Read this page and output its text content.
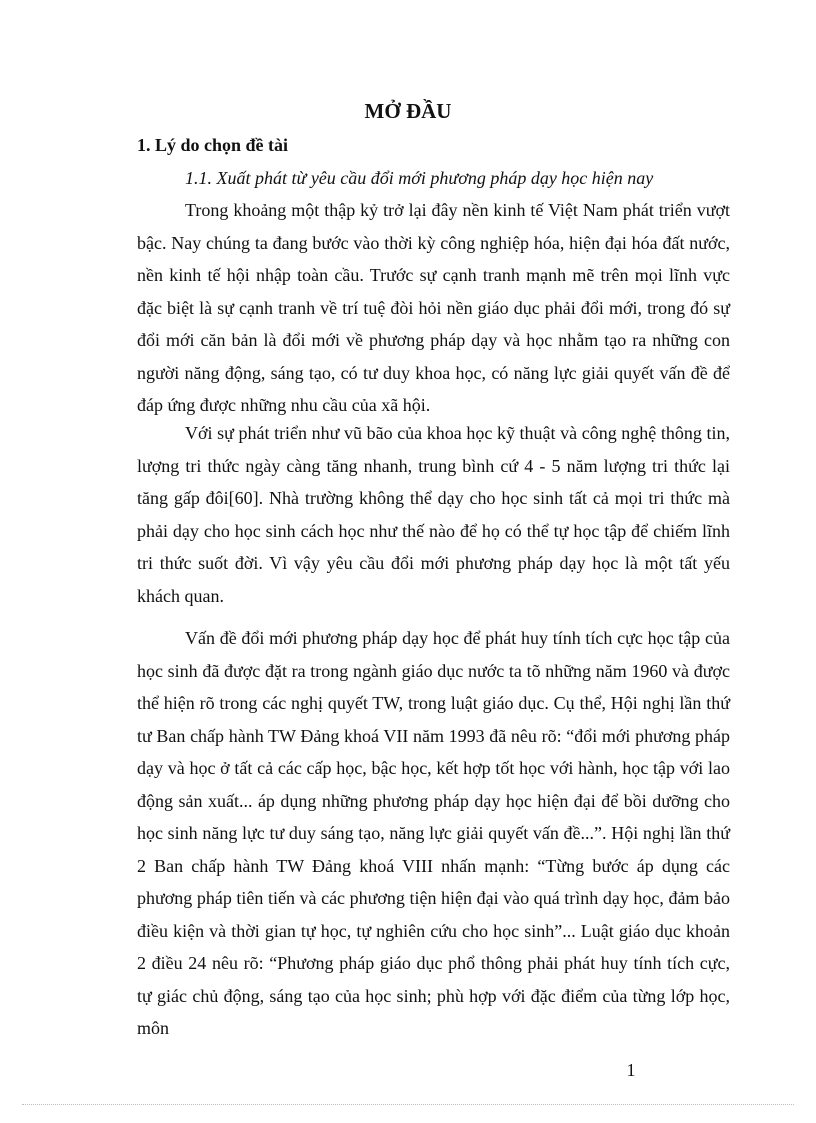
MỞ ĐẦU
1. Lý do chọn đề tài
1.1. Xuất phát từ yêu cầu đổi mới phương pháp dạy học hiện nay

Trong khoảng một thập kỷ trở lại đây nền kinh tế Việt Nam phát triển vượt bậc. Nay chúng ta đang bước vào thời kỳ công nghiệp hóa, hiện đại hóa đất nước, nền kinh tế hội nhập toàn cầu. Trước sự cạnh tranh mạnh mẽ trên mọi lĩnh vực đặc biệt là sự cạnh tranh về trí tuệ đòi hỏi nền giáo dục phải đổi mới, trong đó sự đổi mới căn bản là đổi mới về phương pháp dạy và học nhằm tạo ra những con người năng động, sáng tạo, có tư duy khoa học, có năng lực giải quyết vấn đề để đáp ứng được những nhu cầu của xã hội.

Với sự phát triển như vũ bão của khoa học kỹ thuật và công nghệ thông tin, lượng tri thức ngày càng tăng nhanh, trung bình cứ 4 - 5 năm lượng tri thức lại tăng gấp đôi[60]. Nhà trường không thể dạy cho học sinh tất cả mọi tri thức mà phải dạy cho học sinh cách học như thế nào để họ có thể tự học tập để chiếm lĩnh tri thức suốt đời. Vì vậy yêu cầu đổi mới phương pháp dạy học là một tất yếu khách quan.

Vấn đề đổi mới phương pháp dạy học để phát huy tính tích cực học tập của học sinh đã được đặt ra trong ngành giáo dục nước ta tõ những năm 1960 và được thể hiện rõ trong các nghị quyết TW, trong luật giáo dục. Cụ thể, Hội nghị lần thứ tư Ban chấp hành TW Đảng khoá VII năm 1993 đã nêu rõ: “đổi mới phương pháp dạy và học ở tất cả các cấp học, bậc học, kết hợp tốt học với hành, học tập với lao động sản xuất... áp dụng những phương pháp dạy học hiện đại để bồi dưỡng cho học sinh năng lực tư duy sáng tạo, năng lực giải quyết vấn đề...”. Hội nghị lần thứ 2 Ban chấp hành TW Đảng khoá VIII nhấn mạnh: “Từng bước áp dụng các phương pháp tiên tiến và các phương tiện hiện đại vào quá trình dạy học, đảm bảo điều kiện và thời gian tự học, tự nghiên cứu cho học sinh”... Luật giáo dục khoản 2 điều 24 nêu rõ: “Phương pháp giáo dục phổ thông phải phát huy tính tích cực, tự giác chủ động, sáng tạo của học sinh; phù hợp với đặc điểm của từng lớp học, môn

1
